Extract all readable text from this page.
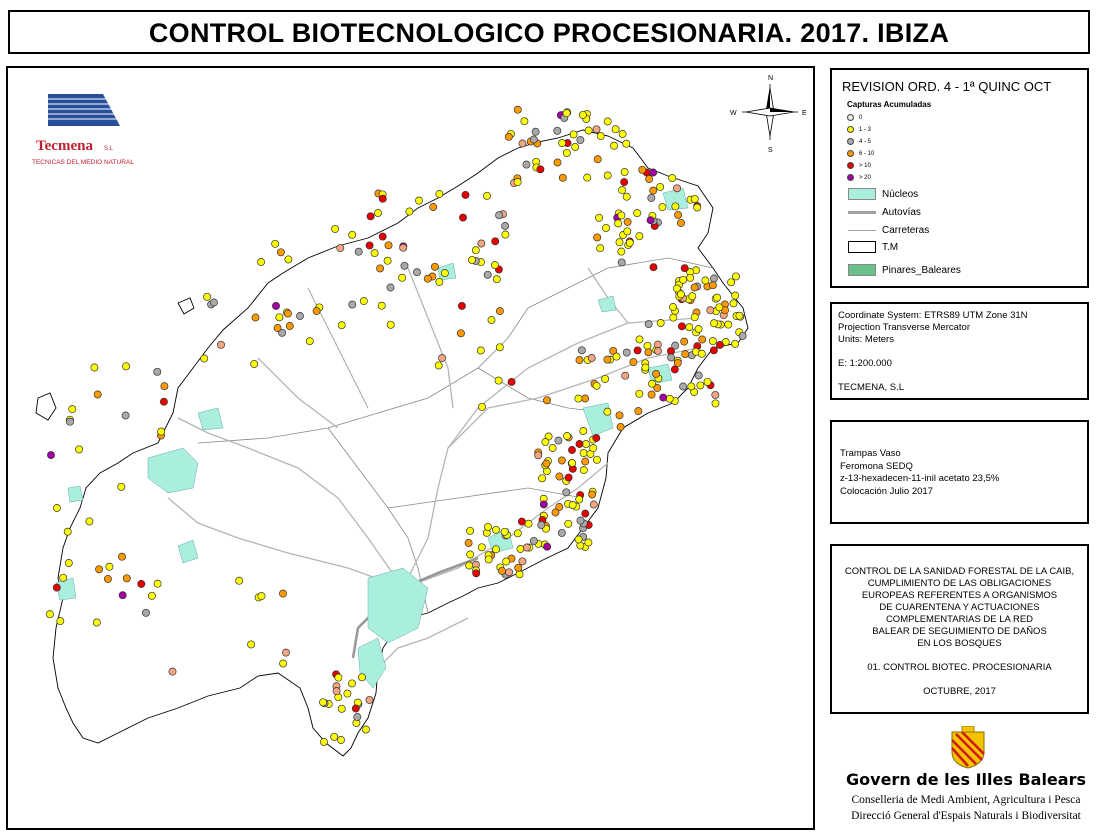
CONTROL BIOTECNOLOGICO PROCESIONARIA. 2017. IBIZA
N
S
E
W
Tecmena S.L
TECNICAS DEL MEDIO NATURAL
REVISION ORD. 4 - 1ª QUINC OCT
Capturas Acumuladas
0
1 - 3
4 - 5
6 - 10
> 10
> 20
Núcleos
Autovías
Carreteras
T.M
Pinares_Baleares
Coordinate System: ETRS89 UTM Zone 31N
Projection Transverse Mercator
Units: Meters
E: 1:200.000
TECMENA, S.L
Trampas Vaso
Feromona SEDQ
z-13-hexadecen-11-inil acetato 23,5%
Colocación Julio 2017
CONTROL DE LA SANIDAD FORESTAL DE LA CAIB,
CUMPLIMIENTO DE LAS OBLIGACIONES
EUROPEAS REFERENTES A ORGANISMOS
DE CUARENTENA Y ACTUACIONES
COMPLEMENTARIAS DE LA RED
BALEAR DE SEGUIMIENTO DE DAÑOS
EN LOS BOSQUES
01. CONTROL BIOTEC. PROCESIONARIA
OCTUBRE, 2017
Govern de les Illes Balears
Conselleria de Medi Ambient, Agricultura i Pesca
Direcció General d'Espais Naturals i Biodiversitat
